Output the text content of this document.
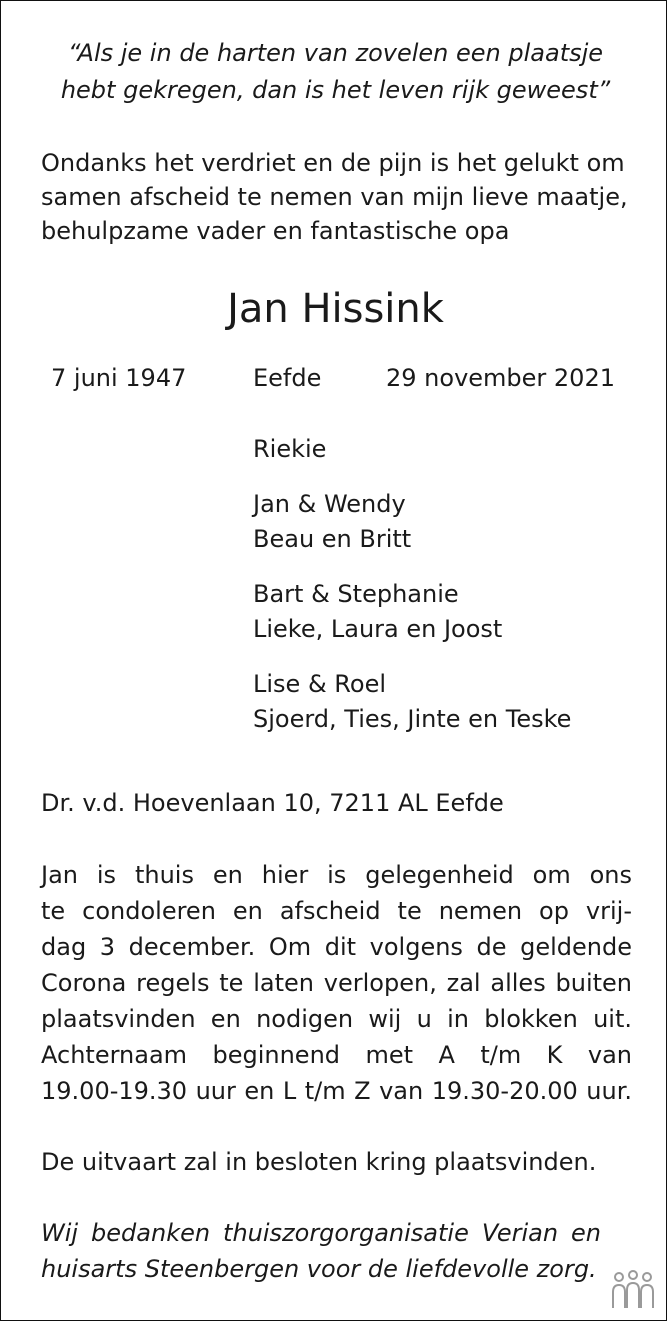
“Als je in de harten van zovelen een plaatsje
hebt gekregen, dan is het leven rijk geweest”
Ondanks het verdriet en de pijn is het gelukt om
samen afscheid te nemen van mijn lieve maatje,
behulpzame vader en fantastische opa
Jan Hissink
7 juni 1947	Eefde	29 november 2021
Riekie
Jan & Wendy
Beau en Britt
Bart & Stephanie
Lieke, Laura en Joost
Lise & Roel
Sjoerd, Ties, Jinte en Teske
Dr. v.d. Hoevenlaan 10, 7211 AL Eefde
Jan is thuis en hier is gelegenheid om ons
te condoleren en afscheid te nemen op vrij-
dag 3 december. Om dit volgens de geldende
Corona regels te laten verlopen, zal alles buiten
plaatsvinden en nodigen wij u in blokken uit.
Achternaam beginnend met A t/m K van
19.00-19.30 uur en L t/m Z van 19.30-20.00 uur.
De uitvaart zal in besloten kring plaatsvinden.
Wij bedanken thuiszorgorganisatie Verian en
huisarts Steenbergen voor de liefdevolle zorg.
